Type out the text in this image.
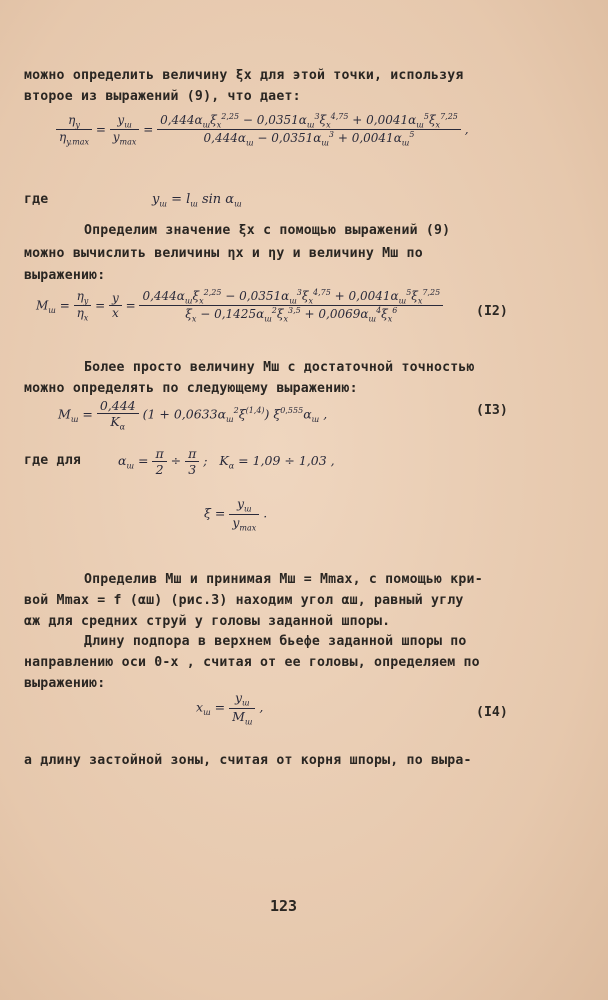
можно определить величину ξx для этой точки, используя
второе из выражений (9), что дает:
$\frac{\eta_y}{\eta_{y.max}} = \frac{y_ш}{y_{max}} = \frac{0,444\alpha_ш\xi_x^{2,25} - 0,0351\alpha_ш^3\xi_x^{4,75} + 0,0041\alpha_ш^5\xi_x^{7,25}}{0,444\alpha_ш - 0,0351\alpha_ш^3 + 0,0041\alpha_ш^5}$ ,
где	$y_ш = l_ш$ $\sin \alpha_ш$
Определим значение ξx с помощью выражений (9)
можно вычислить величины ηx и ηy и величину Mш по
выражению:
$M_ш = \frac{\eta_y}{\eta_x} = \frac{y}{x} = \frac{0,444\alpha_ш\xi_x^{2,25} - 0,0351\alpha_ш^3\xi_x^{4,75} + 0,0041\alpha_ш^5\xi_x^{7,25}}{\xi_x - 0,1425\alpha_ш^2\xi_x^{3,5} + 0,0069\alpha_ш^4\xi_x^6} (I2)$
Более просто величину Mш с достаточной точностью
можно определять по следующему выражению:
$M_ш = \frac{0,444}{K_\alpha} (1 + 0,0633\alpha_ш^2\xi^{(1,4)})$ $\xi^{0,555}\alpha_ш$ ,	(I3)
где для	$\alpha_ш = \frac{\pi}{2} \div \frac{\pi}{3}$ ;   $K_\alpha = 1,09 \div 1,03$ ,
$\xi = \frac{y_ш}{y_{max}}$ .
Определив Mш и принимая Mш = Mmax, с помощью кри-
вой Mmax = f (αш) (рис.3) находим угол αш, равный углу
αж для средних струй у головы заданной шпоры.
Длину подпора в верхнем бьефе заданной шпоры по
направлению оси 0-x , считая от ее головы, определяем по
выражению:
$x_ш = \frac{y_ш}{M_ш}$ ,	(I4)
а длину застойной зоны, считая от корня шпоры, по выра-
123
